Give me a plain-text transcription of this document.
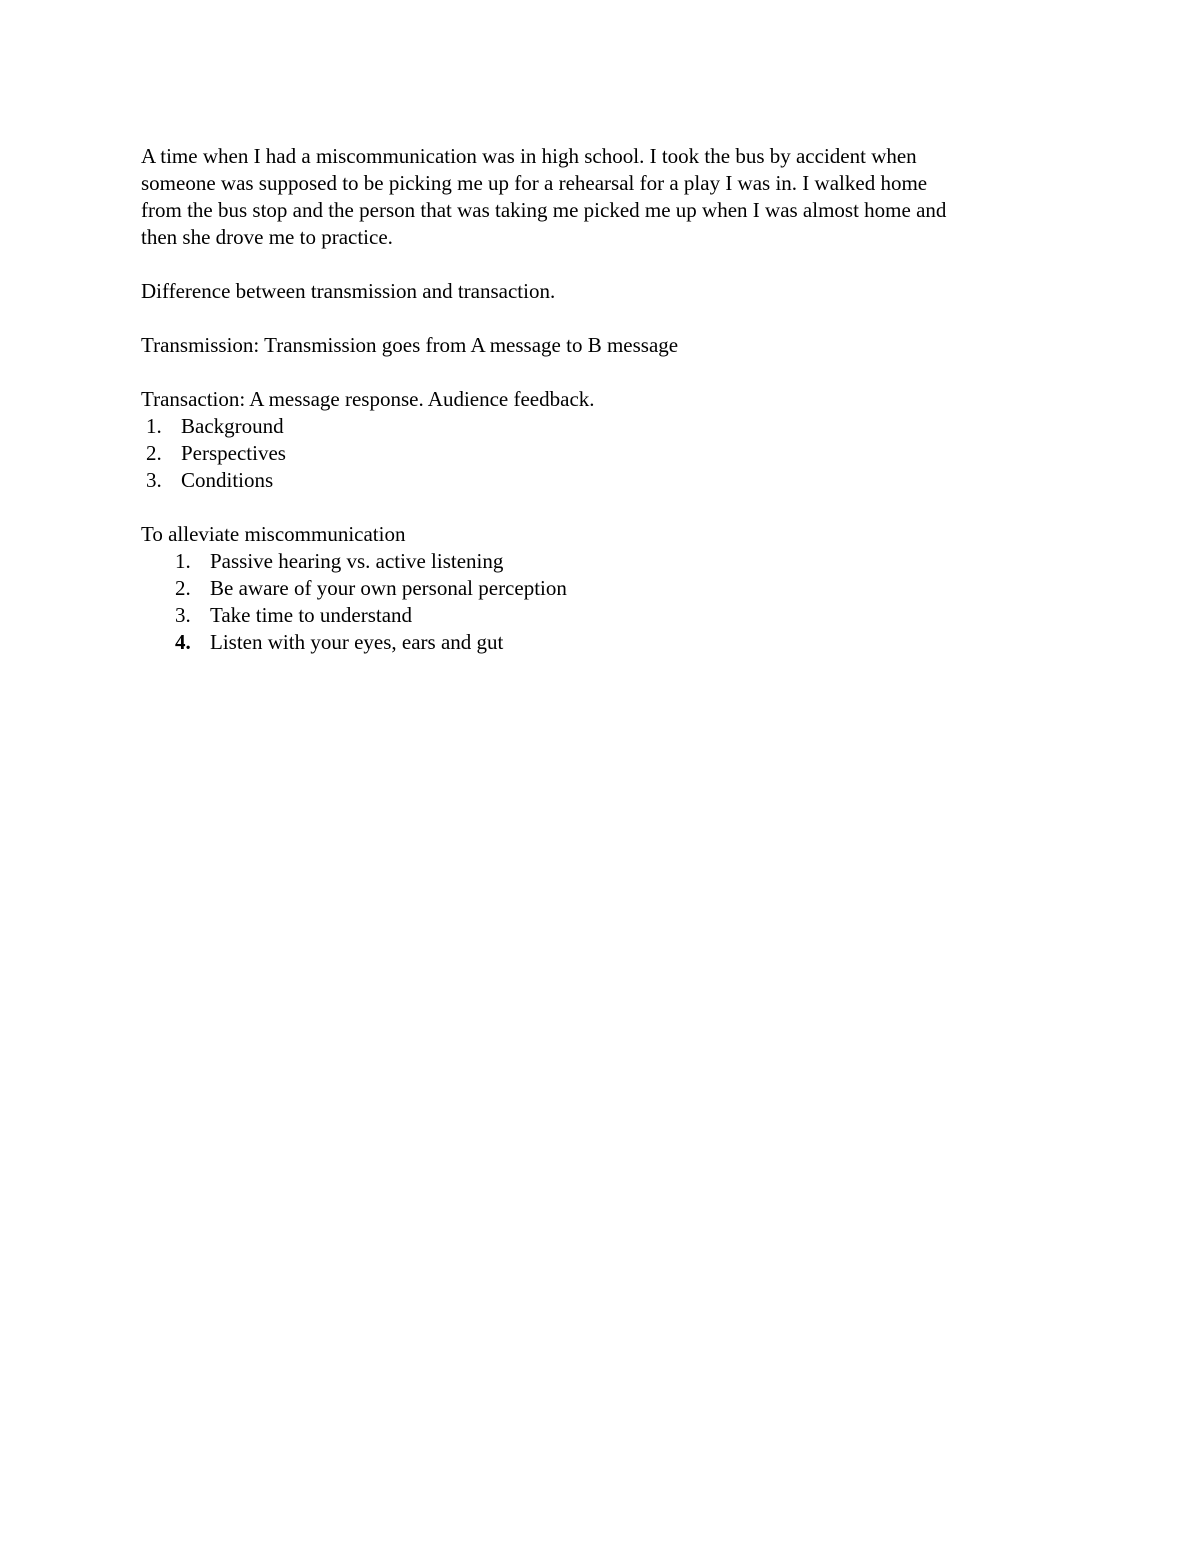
A time when I had a miscommunication was in high school. I took the bus by accident when

someone was supposed to be picking me up for a rehearsal for a play I was in. I walked home

from the bus stop and the person that was taking me picked me up when I was almost home and

then she drove me to practice.

Difference between transmission and transaction.

Transmission: Transmission goes from A message to B message

Transaction: A message response. Audience feedback.

1. Background
2. Perspectives
3. Conditions

To alleviate miscommunication

1. Passive hearing vs. active listening
2. Be aware of your own personal perception
3. Take time to understand
4. Listen with your eyes, ears and gut
